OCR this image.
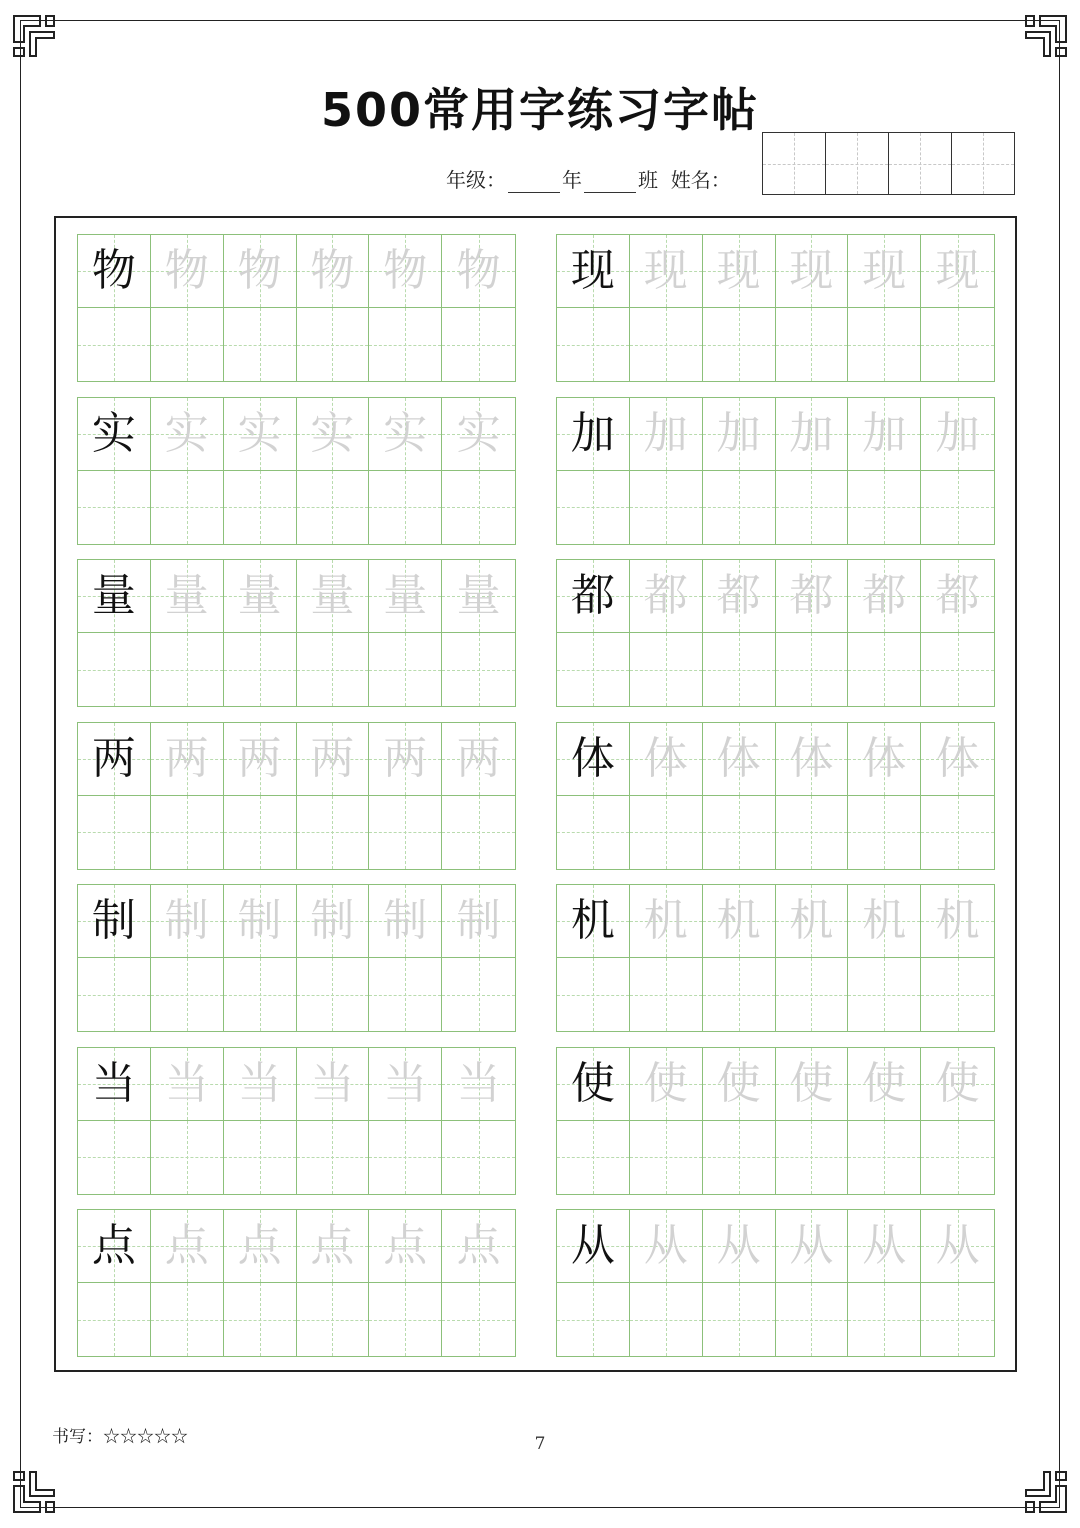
500常用字练习字帖
年级：	年	班 姓名：
物 物 物 物 物 物
实 实 实 实 实 实
量 量 量 量 量 量
两 两 两 两 两 两
制 制 制 制 制 制
当 当 当 当 当 当
点 点 点 点 点 点
现 现 现 现 现 现
加 加 加 加 加 加
都 都 都 都 都 都
体 体 体 体 体 体
机 机 机 机 机 机
使 使 使 使 使 使
从 从 从 从 从 从
书写：☆☆☆☆☆	7
